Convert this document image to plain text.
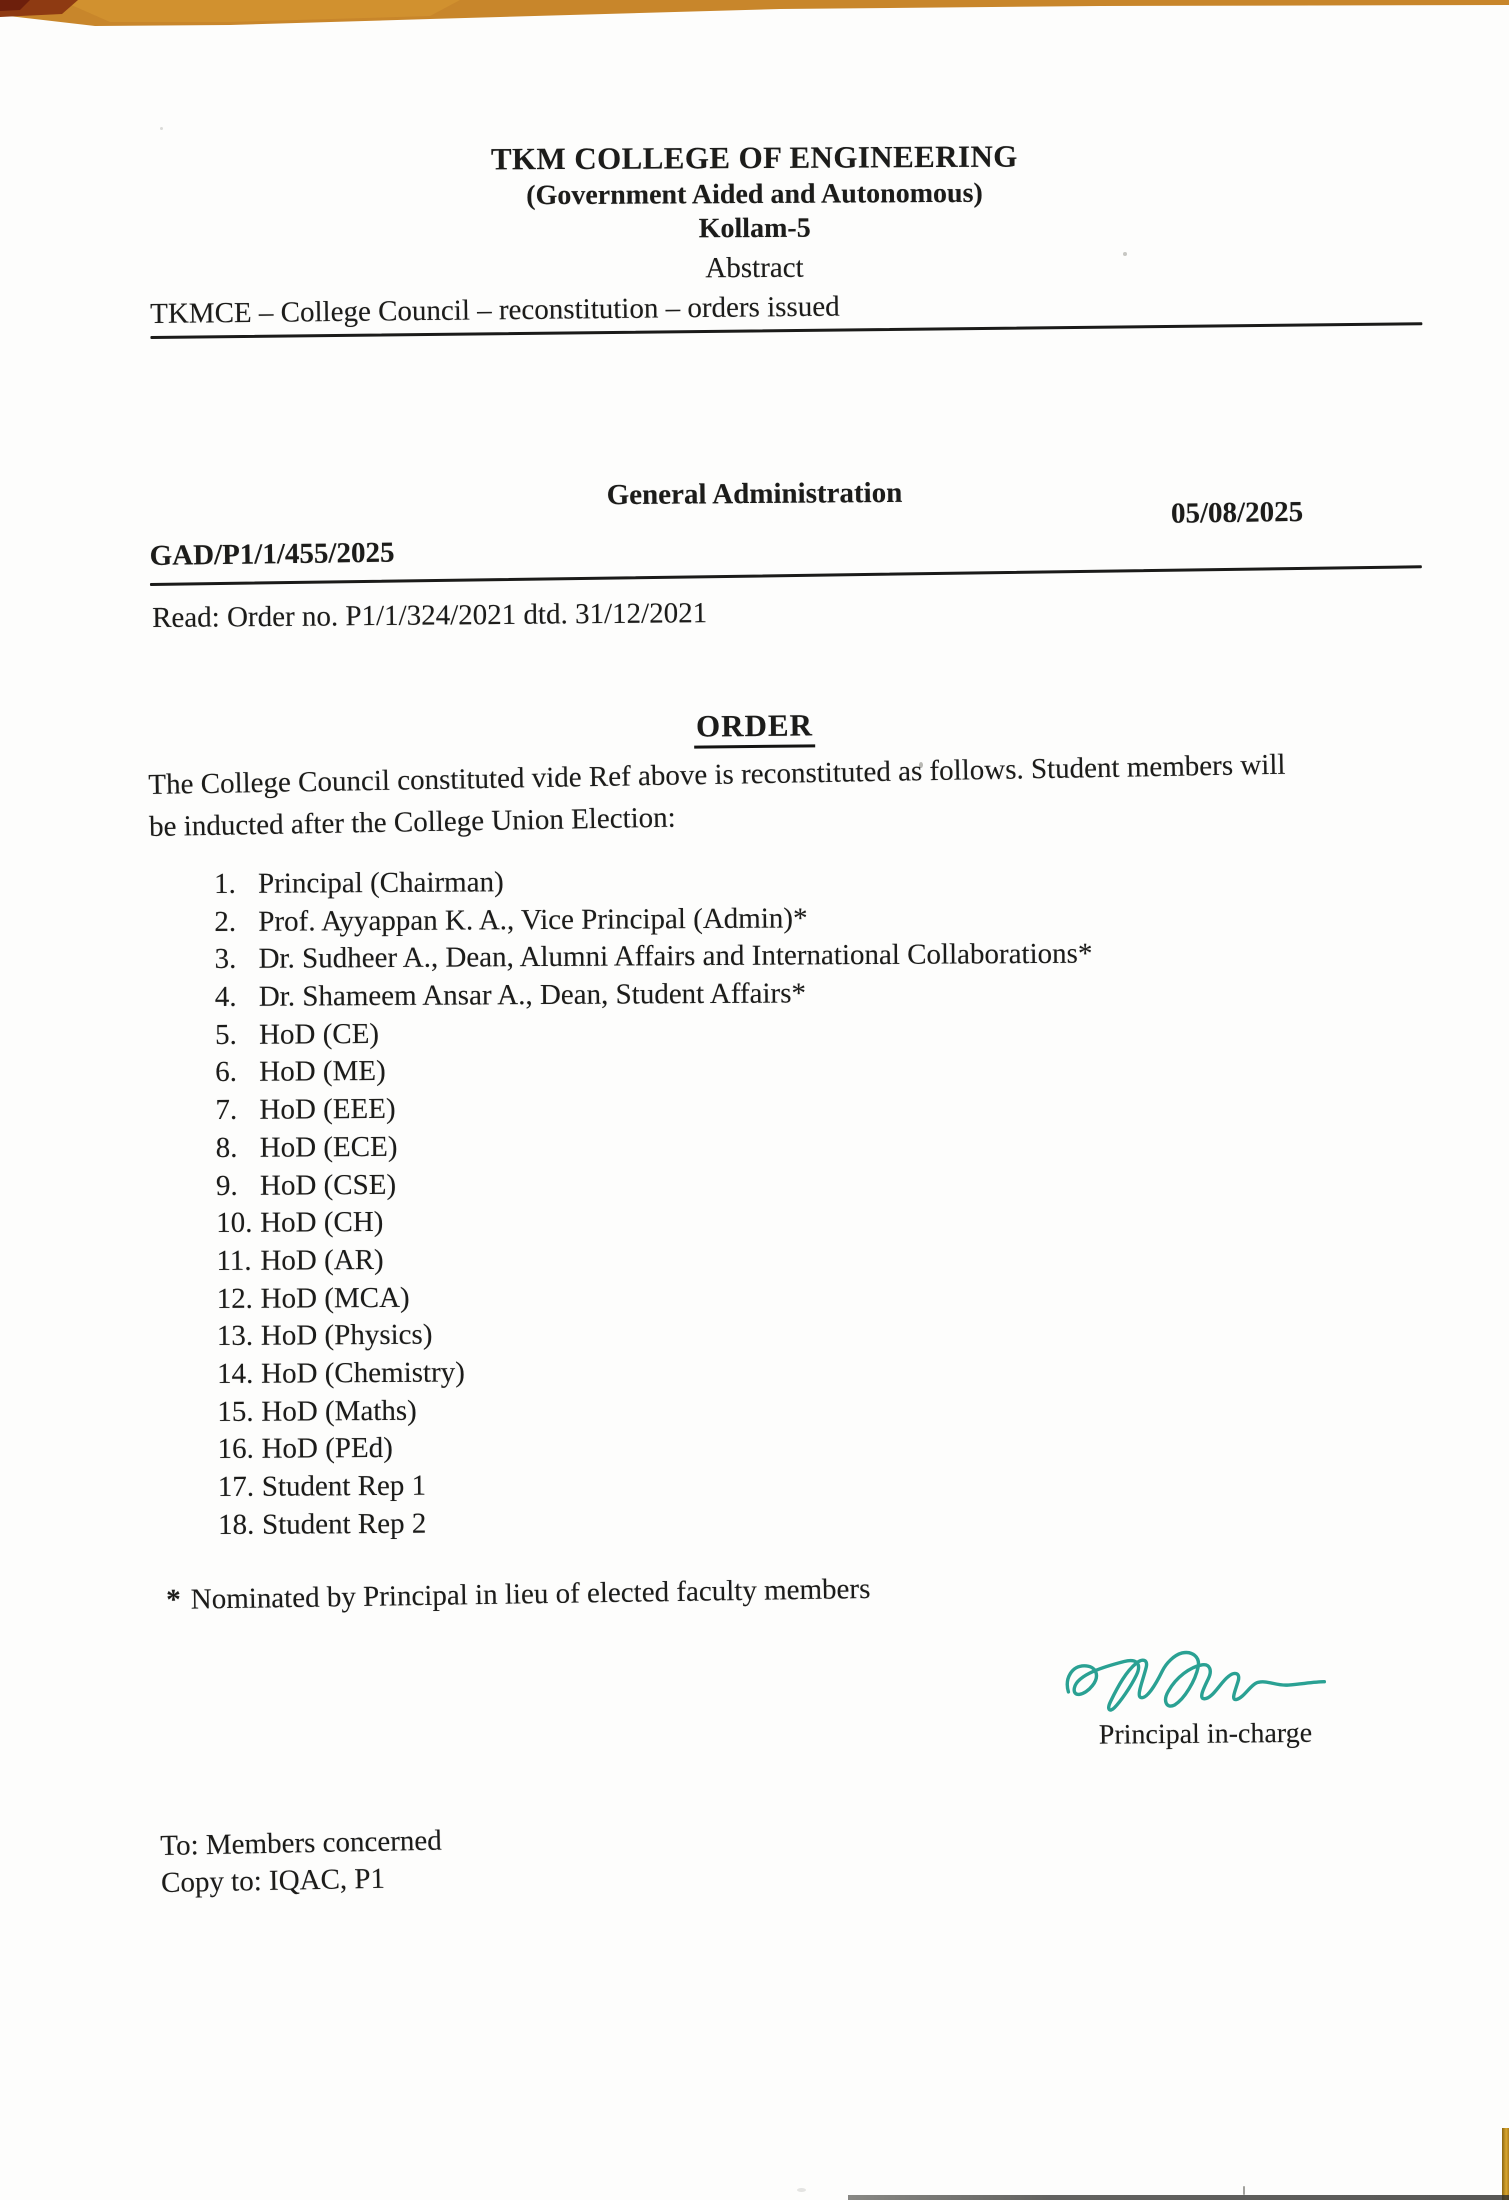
TKM COLLEGE OF ENGINEERING
(Government Aided and Autonomous)
Kollam-5
Abstract
TKMCE – College Council – reconstitution – orders issued
General Administration
GAD/P1/1/455/2025
05/08/2025
Read: Order no. P1/1/324/2021 dtd. 31/12/2021
ORDER
The College Council constituted vide Ref above is reconstituted as follows. Student members will
be inducted after the College Union Election:
1. Principal (Chairman)
2. Prof. Ayyappan K. A., Vice Principal (Admin)*
3. Dr. Sudheer A., Dean, Alumni Affairs and International Collaborations*
4. Dr. Shameem Ansar A., Dean, Student Affairs*
5. HoD (CE)
6. HoD (ME)
7. HoD (EEE)
8. HoD (ECE)
9. HoD (CSE)
10. HoD (CH)
11. HoD (AR)
12. HoD (MCA)
13. HoD (Physics)
14. HoD (Chemistry)
15. HoD (Maths)
16. HoD (PEd)
17. Student Rep 1
18. Student Rep 2
* Nominated by Principal in lieu of elected faculty members
Principal in-charge
To: Members concerned
Copy to: IQAC, P1
